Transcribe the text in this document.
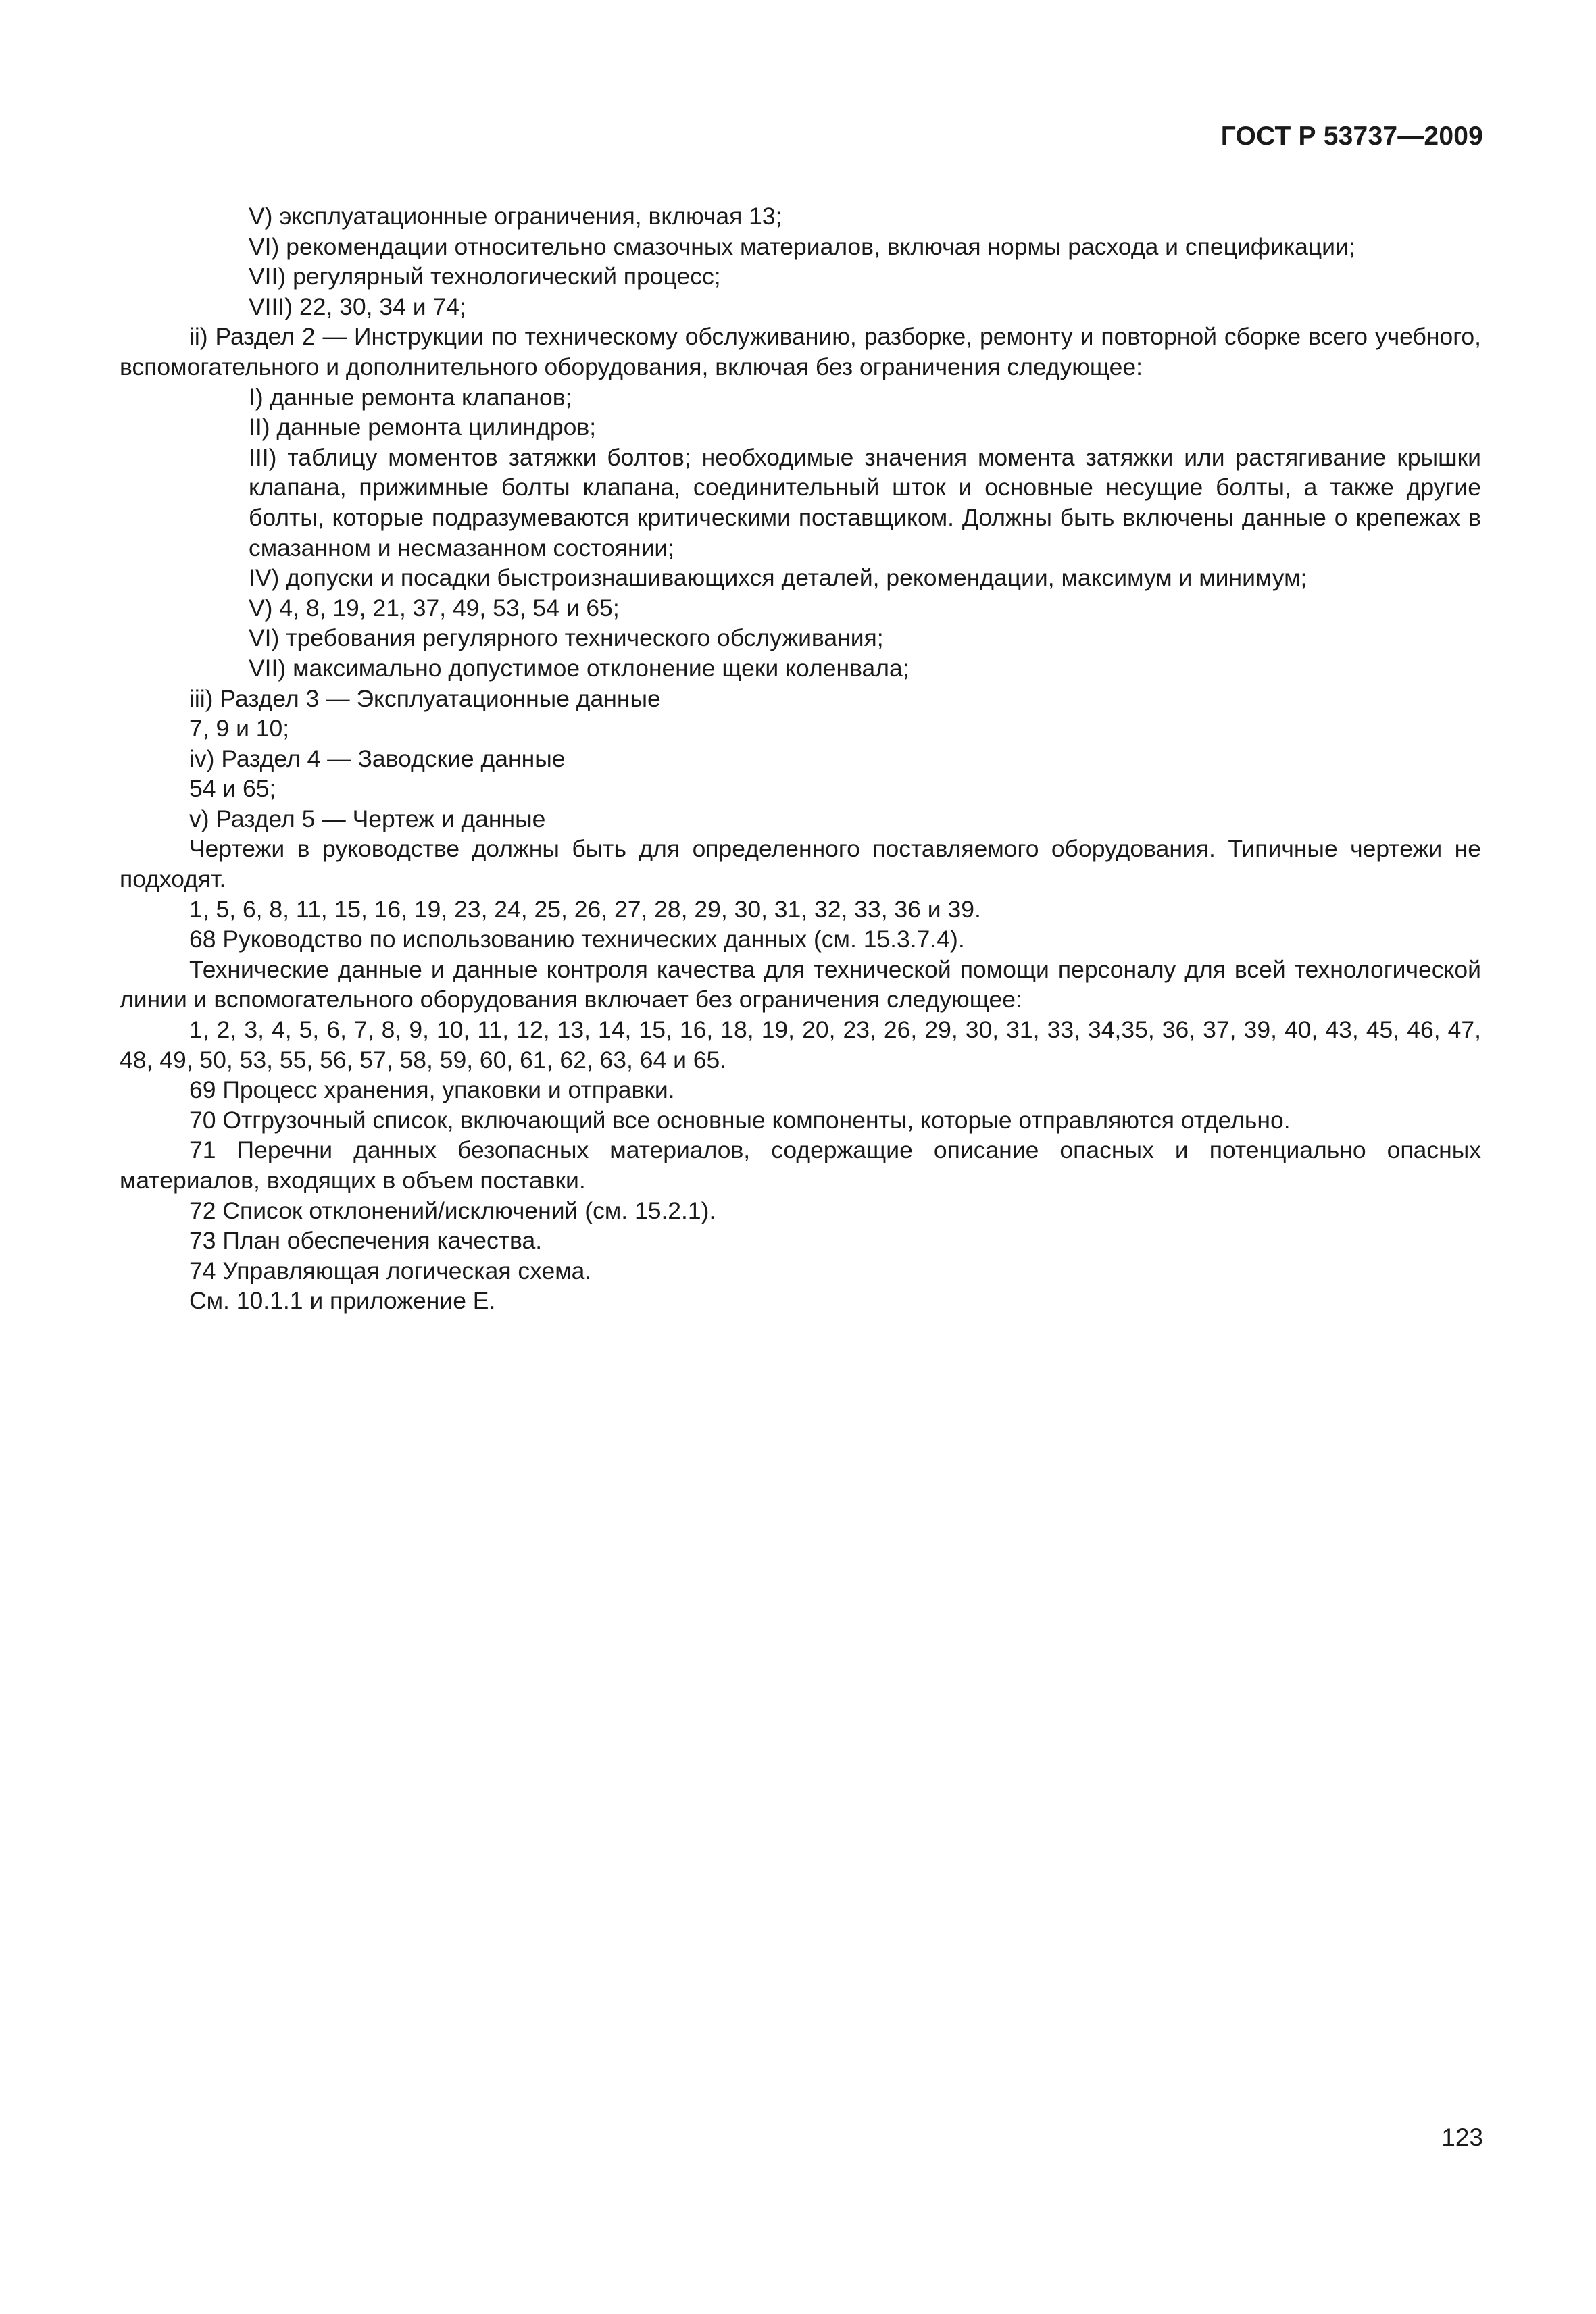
ГОСТ Р 53737—2009

V) эксплуатационные ограничения, включая 13;

VI) рекомендации относительно смазочных материалов, включая нормы расхода и спецификации;

VII) регулярный технологический процесс;

VIII) 22, 30, 34 и 74;

ii) Раздел 2 — Инструкции по техническому обслуживанию, разборке, ремонту и повторной сборке всего учебного, вспомогательного и дополнительного оборудования, включая без ограничения следующее:

I) данные ремонта клапанов;

II) данные ремонта цилиндров;

III) таблицу моментов затяжки болтов; необходимые значения момента затяжки или растягивание крышки клапана, прижимные болты клапана, соединительный шток и основные несущие болты, а также другие болты, которые подразумеваются критическими поставщиком. Должны быть включены данные о крепежах в смазанном и несмазанном состоянии;

IV) допуски и посадки быстроизнашивающихся деталей, рекомендации, максимум и минимум;

V) 4, 8, 19, 21, 37, 49, 53, 54 и 65;

VI) требования регулярного технического обслуживания;

VII) максимально допустимое отклонение щеки коленвала;

iii) Раздел 3 — Эксплуатационные данные

7, 9 и 10;

iv) Раздел 4 — Заводские данные

54 и 65;

v) Раздел 5 — Чертеж и данные

Чертежи в руководстве должны быть для определенного поставляемого оборудования. Типичные чертежи не подходят.

1, 5, 6, 8, 11, 15, 16, 19, 23, 24, 25, 26, 27, 28, 29, 30, 31, 32, 33, 36 и 39.

68 Руководство по использованию технических данных (см. 15.3.7.4).

Технические данные и данные контроля качества для технической помощи персоналу для всей технологической линии и вспомогательного оборудования включает без ограничения следующее:

1, 2, 3, 4, 5, 6, 7, 8, 9, 10, 11, 12, 13, 14, 15, 16, 18, 19, 20, 23, 26, 29, 30, 31, 33, 34,35, 36, 37, 39, 40, 43, 45, 46, 47, 48, 49, 50, 53, 55, 56, 57, 58, 59, 60, 61, 62, 63, 64 и 65.

69 Процесс хранения, упаковки и отправки.

70 Отгрузочный список, включающий все основные компоненты, которые отправляются отдельно.

71 Перечни данных безопасных материалов, содержащие описание опасных и потенциально опасных материалов, входящих в объем поставки.

72 Список отклонений/исключений (см. 15.2.1).

73 План обеспечения качества.

74 Управляющая логическая схема.

См. 10.1.1 и приложение Е.

123
